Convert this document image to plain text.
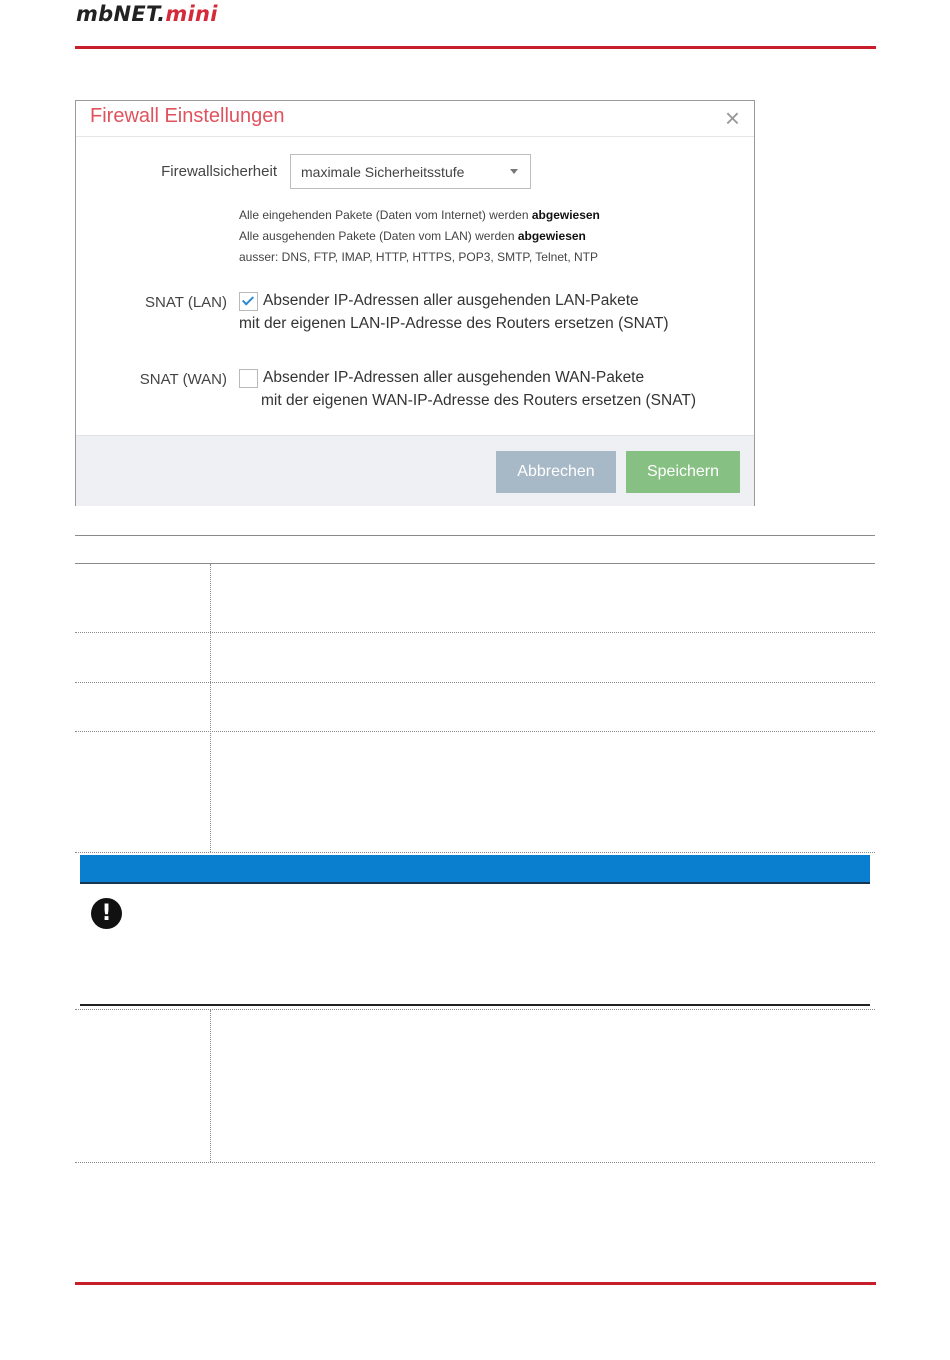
mbNET.mini
Firewall Einstellungen	×
Firewallsicherheit	maximale Sicherheitsstufe
Alle eingehenden Pakete (Daten vom Internet) werden abgewiesen
Alle ausgehenden Pakete (Daten vom LAN) werden abgewiesen
ausser: DNS, FTP, IMAP, HTTP, HTTPS, POP3, SMTP, Telnet, NTP
SNAT (LAN) Absender IP-Adressen aller ausgehenden LAN-Pakete
mit der eigenen LAN-IP-Adresse des Routers ersetzen (SNAT)
SNAT (WAN) Absender IP-Adressen aller ausgehenden WAN-Pakete
mit der eigenen WAN-IP-Adresse des Routers ersetzen (SNAT)
Abbrechen	Speichern
!
